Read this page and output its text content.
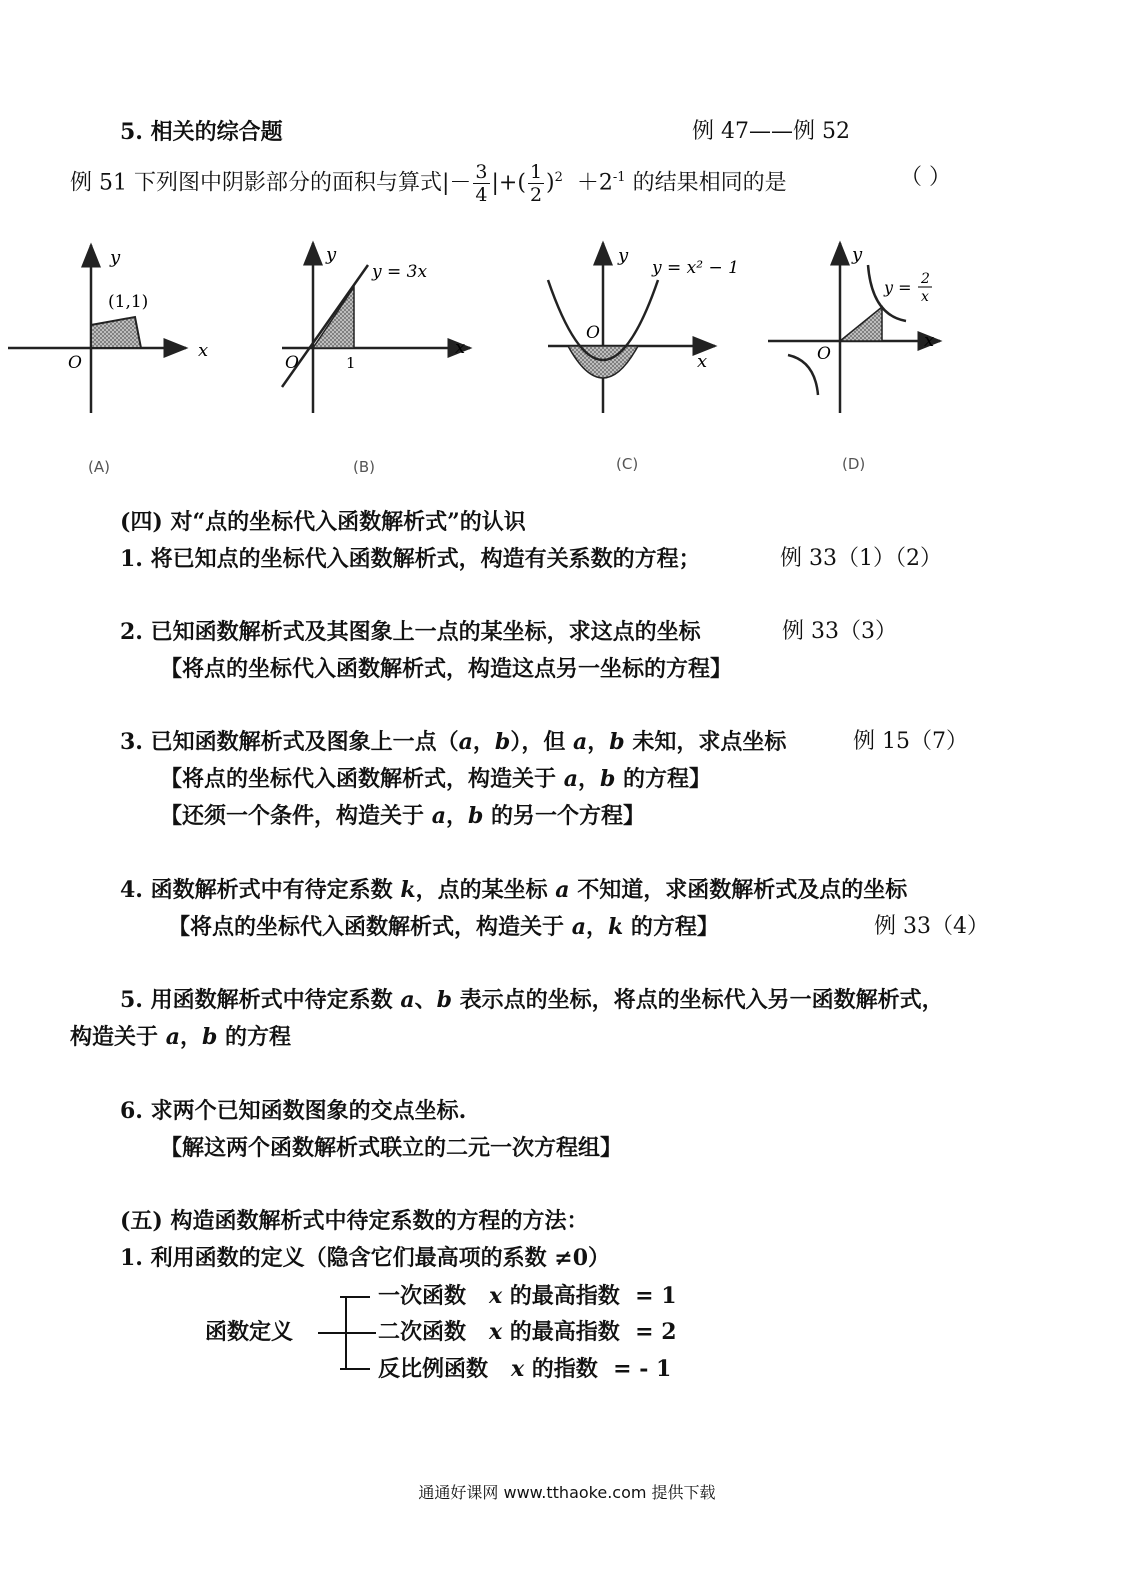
5. 相关的综合题	例 47——例 52
例 51 下列图中阴影部分的面积与算式|－ $\frac{3}{4}$ |+( $\frac{1}{2} )^2 +2^{-1}$ 的结果相同的是	（ ）
y
x
O
(1,1)
y
x
O	1
y = 3x
y
x
O
y = x² − 1
y
x
O
y = 2
x
(A)	(B)	(C)	(D)
(四) 对“点的坐标代入函数解析式”的认识
1. 将已知点的坐标代入函数解析式，构造有关系数的方程；	例 33（1）（2）
2. 已知函数解析式及其图象上一点的某坐标，求这点的坐标	例 33（3）
【将点的坐标代入函数解析式，构造这点另一坐标的方程】
3. 已知函数解析式及图象上一点（a，b），但 a，b 未知，求点坐标	例 15（7）
【将点的坐标代入函数解析式，构造关于 a，b 的方程】
【还须一个条件，构造关于 a，b 的另一个方程】
4. 函数解析式中有待定系数 k，点的某坐标 a 不知道，求函数解析式及点的坐标
【将点的坐标代入函数解析式，构造关于 a，k 的方程】	例 33（4）
5. 用函数解析式中待定系数 a、b 表示点的坐标，将点的坐标代入另一函数解析式，
构造关于 a，b 的方程
6. 求两个已知函数图象的交点坐标.
【解这两个函数解析式联立的二元一次方程组】
(五) 构造函数解析式中待定系数的方程的方法：
1. 利用函数的定义（隐含它们最高项的系数 ≠0）
函数定义
一次函数 x 的最高指数 = 1
二次函数 x 的最高指数 = 2
反比例函数 x 的指数 = - 1
通通好课网 www.tthaoke.com 提供下载
